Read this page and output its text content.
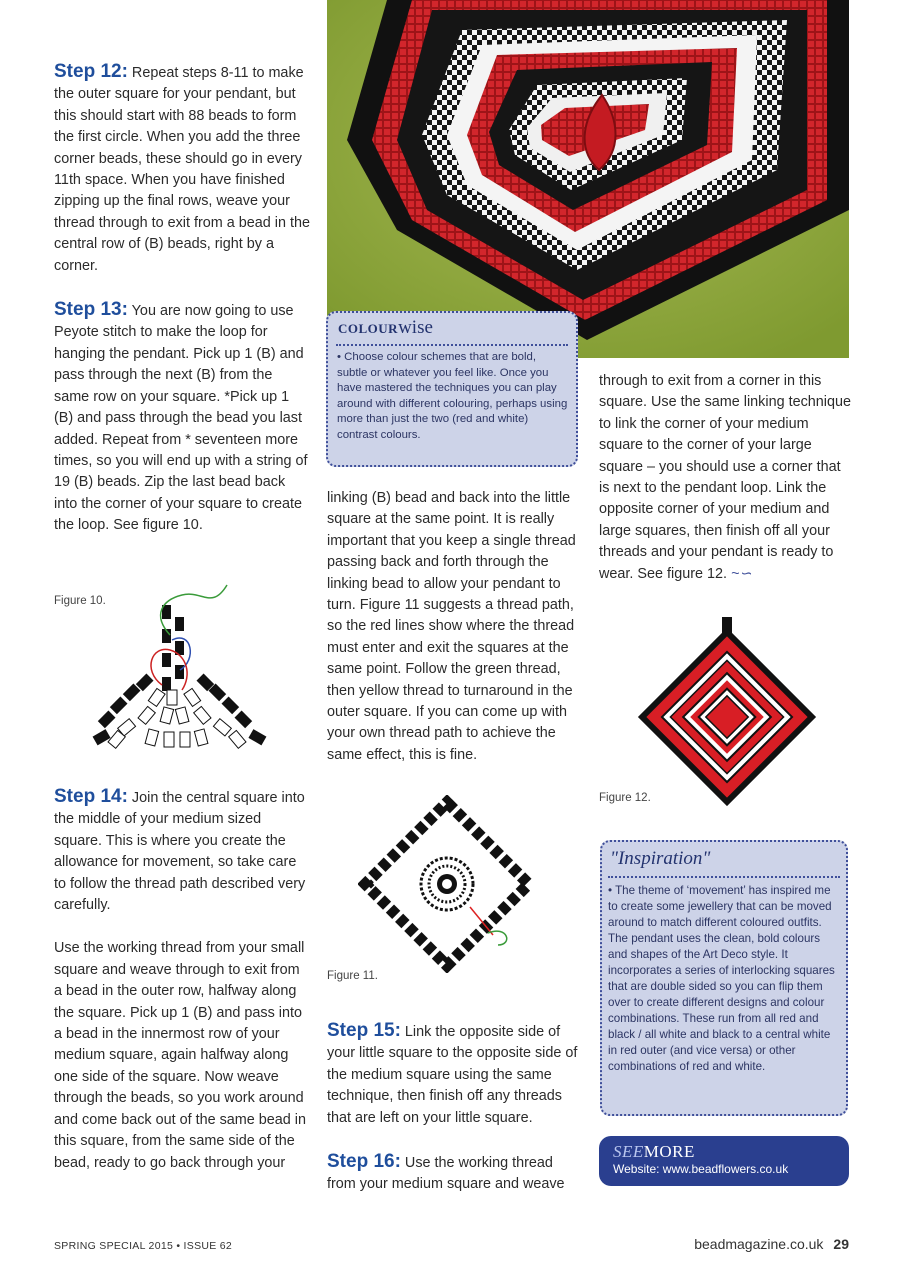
Step 12: Repeat steps 8-11 to make the outer square for your pendant, but this should start with 88 beads to form the first circle. When you add the three corner beads, these should go in every 11th space. When you have finished zipping up the final rows, weave your thread through to exit from a bead in the central row of (B) beads, right by a corner.

Step 13: You are now going to use Peyote stitch to make the loop for hanging the pendant. Pick up 1 (B) and pass through the next (B) from the same row on your square. *Pick up 1 (B) and pass through the bead you last added. Repeat from * seventeen more times, so you will end up with a string of 19 (B) beads. Zip the last bead back into the corner of your square to create the loop. See figure 10.

Figure 10.

Step 14: Join the central square into the middle of your medium sized square. This is where you create the allowance for movement, so take care to follow the thread path described very carefully.

Use the working thread from your small square and weave through to exit from a bead in the outer row, halfway along the square. Pick up 1 (B) and pass into a bead in the innermost row of your medium square, again halfway along one side of the square. Now weave through the beads, so you work around and come back out of the same bead in this square, from the same side of the bead, ready to go back through your

COLOURwise
• Choose colour schemes that are bold, subtle or whatever you feel like. Once you have mastered the techniques you can play around with different colouring, perhaps using more than just the two (red and white) contrast colours.

linking (B) bead and back into the little square at the same point. It is really important that you keep a single thread passing back and forth through the linking bead to allow your pendant to turn. Figure 11 suggests a thread path, so the red lines show where the thread must enter and exit the squares at the same point. Follow the green thread, then yellow thread to turnaround in the outer square. If you can come up with your own thread path to achieve the same effect, this is fine.

Figure 11.

Step 15: Link the opposite side of your little square to the opposite side of the medium square using the same technique, then finish off any threads that are left on your little square.

Step 16: Use the working thread from your medium square and weave

through to exit from a corner in this square. Use the same linking technique to link the corner of your medium square to the corner of your large square – you should use a corner that is next to the pendant loop. Link the opposite corner of your medium and large squares, then finish off all your threads and your pendant is ready to wear. See figure 12. ~∽

Figure 12.
"Inspiration"
• The theme of ‘movement’ has inspired me to create some jewellery that can be moved around to match different coloured outfits. The pendant uses the clean, bold colours and shapes of the Art Deco style. It incorporates a series of interlocking squares that are double sided so you can flip them over to create different designs and colour combinations. These run from all red and black / all white and black to a central white in red outer (and vice versa) or other combinations of red and white.
SEEMORE
Website: www.beadflowers.co.uk
SPRING SPECIAL 2015 • ISSUE 62	beadmagazine.co.uk 29
